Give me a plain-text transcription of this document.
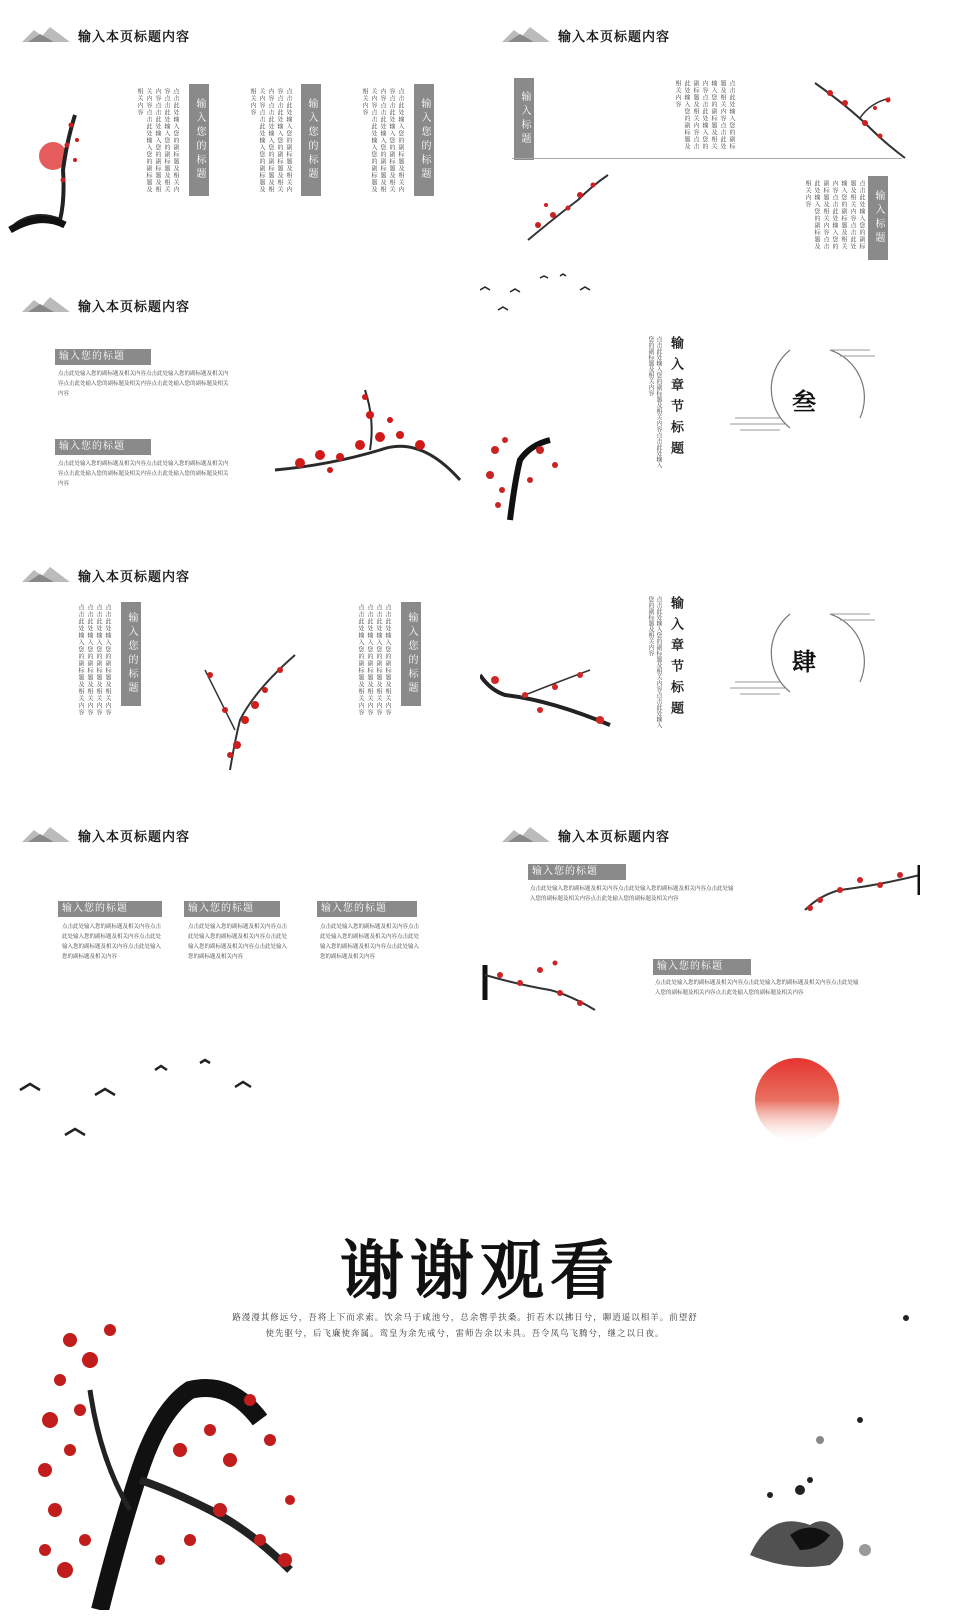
输入本页标题内容
点击此处输入您的副标题及相关内容点击此处输入您的副标题及相关内容点击此处输入您的副标题及相关内容点击此处输入您的副标题及相关内容	输入您的标题	点击此处输入您的副标题及相关内容点击此处输入您的副标题及相关内容点击此处输入您的副标题及相关内容点击此处输入您的副标题及相关内容	输入您的标题	点击此处输入您的副标题及相关内容点击此处输入您的副标题及相关内容点击此处输入您的副标题及相关内容点击此处输入您的副标题及相关内容	输入您的标题
输入本页标题内容
输入标题	点击此处输入您的副标题及相关内容点击此处输入您的副标题及相关内容点击此处输入您的副标题及相关内容点击此处输入您的副标题及相关内容
点击此处输入您的副标题及相关内容点击此处输入您的副标题及相关内容点击此处输入您的副标题及相关内容点击此处输入您的副标题及相关内容	输入标题
输入本页标题内容
输入您的标题
点击此处输入您的副标题及相关内容点击此处输入您的副标题及相关内容点击此处输入您的副标题及相关内容点击此处输入您的副标题及相关内容
输入您的标题
点击此处输入您的副标题及相关内容点击此处输入您的副标题及相关内容点击此处输入您的副标题及相关内容点击此处输入您的副标题及相关内容
点击此处输入您的副标题及相关内容点击此处输入您的副标题及相关内容	输入章节标题	叁
输入本页标题内容
点击此处输入您的副标题及相关内容点击此处输入您的副标题及相关内容点击此处输入您的副标题及相关内容点击此处输入您的副标题及相关内容	输入您的标题	点击此处输入您的副标题及相关内容点击此处输入您的副标题及相关内容点击此处输入您的副标题及相关内容点击此处输入您的副标题及相关内容	输入您的标题	点击此处输入您的副标题及相关内容点击此处输入您的副标题及相关内容	输入章节标题	肆
输入本页标题内容
输入您的标题
点击此处输入您的副标题及相关内容点击此处输入您的副标题及相关内容点击此处输入您的副标题及相关内容点击此处输入您的副标题及相关内容
输入您的标题
点击此处输入您的副标题及相关内容点击此处输入您的副标题及相关内容点击此处输入您的副标题及相关内容点击此处输入您的副标题及相关内容
输入您的标题
点击此处输入您的副标题及相关内容点击此处输入您的副标题及相关内容点击此处输入您的副标题及相关内容点击此处输入您的副标题及相关内容
输入本页标题内容
输入您的标题
点击此处输入您的副标题及相关内容点击此处输入您的副标题及相关内容点击此处输入您的副标题及相关内容点击此处输入您的副标题及相关内容
输入您的标题
点击此处输入您的副标题及相关内容点击此处输入您的副标题及相关内容点击此处输入您的副标题及相关内容点击此处输入您的副标题及相关内容
谢谢观看
路漫漫其修远兮，吾将上下而求索。饮余马于咸池兮，总余辔乎扶桑。折若木以拂日兮，聊逍遥以相羊。前望舒
使先驱兮，后飞廉使奔属。鸾皇为余先戒兮，雷师告余以未具。吾令凤鸟飞腾兮，继之以日夜。
